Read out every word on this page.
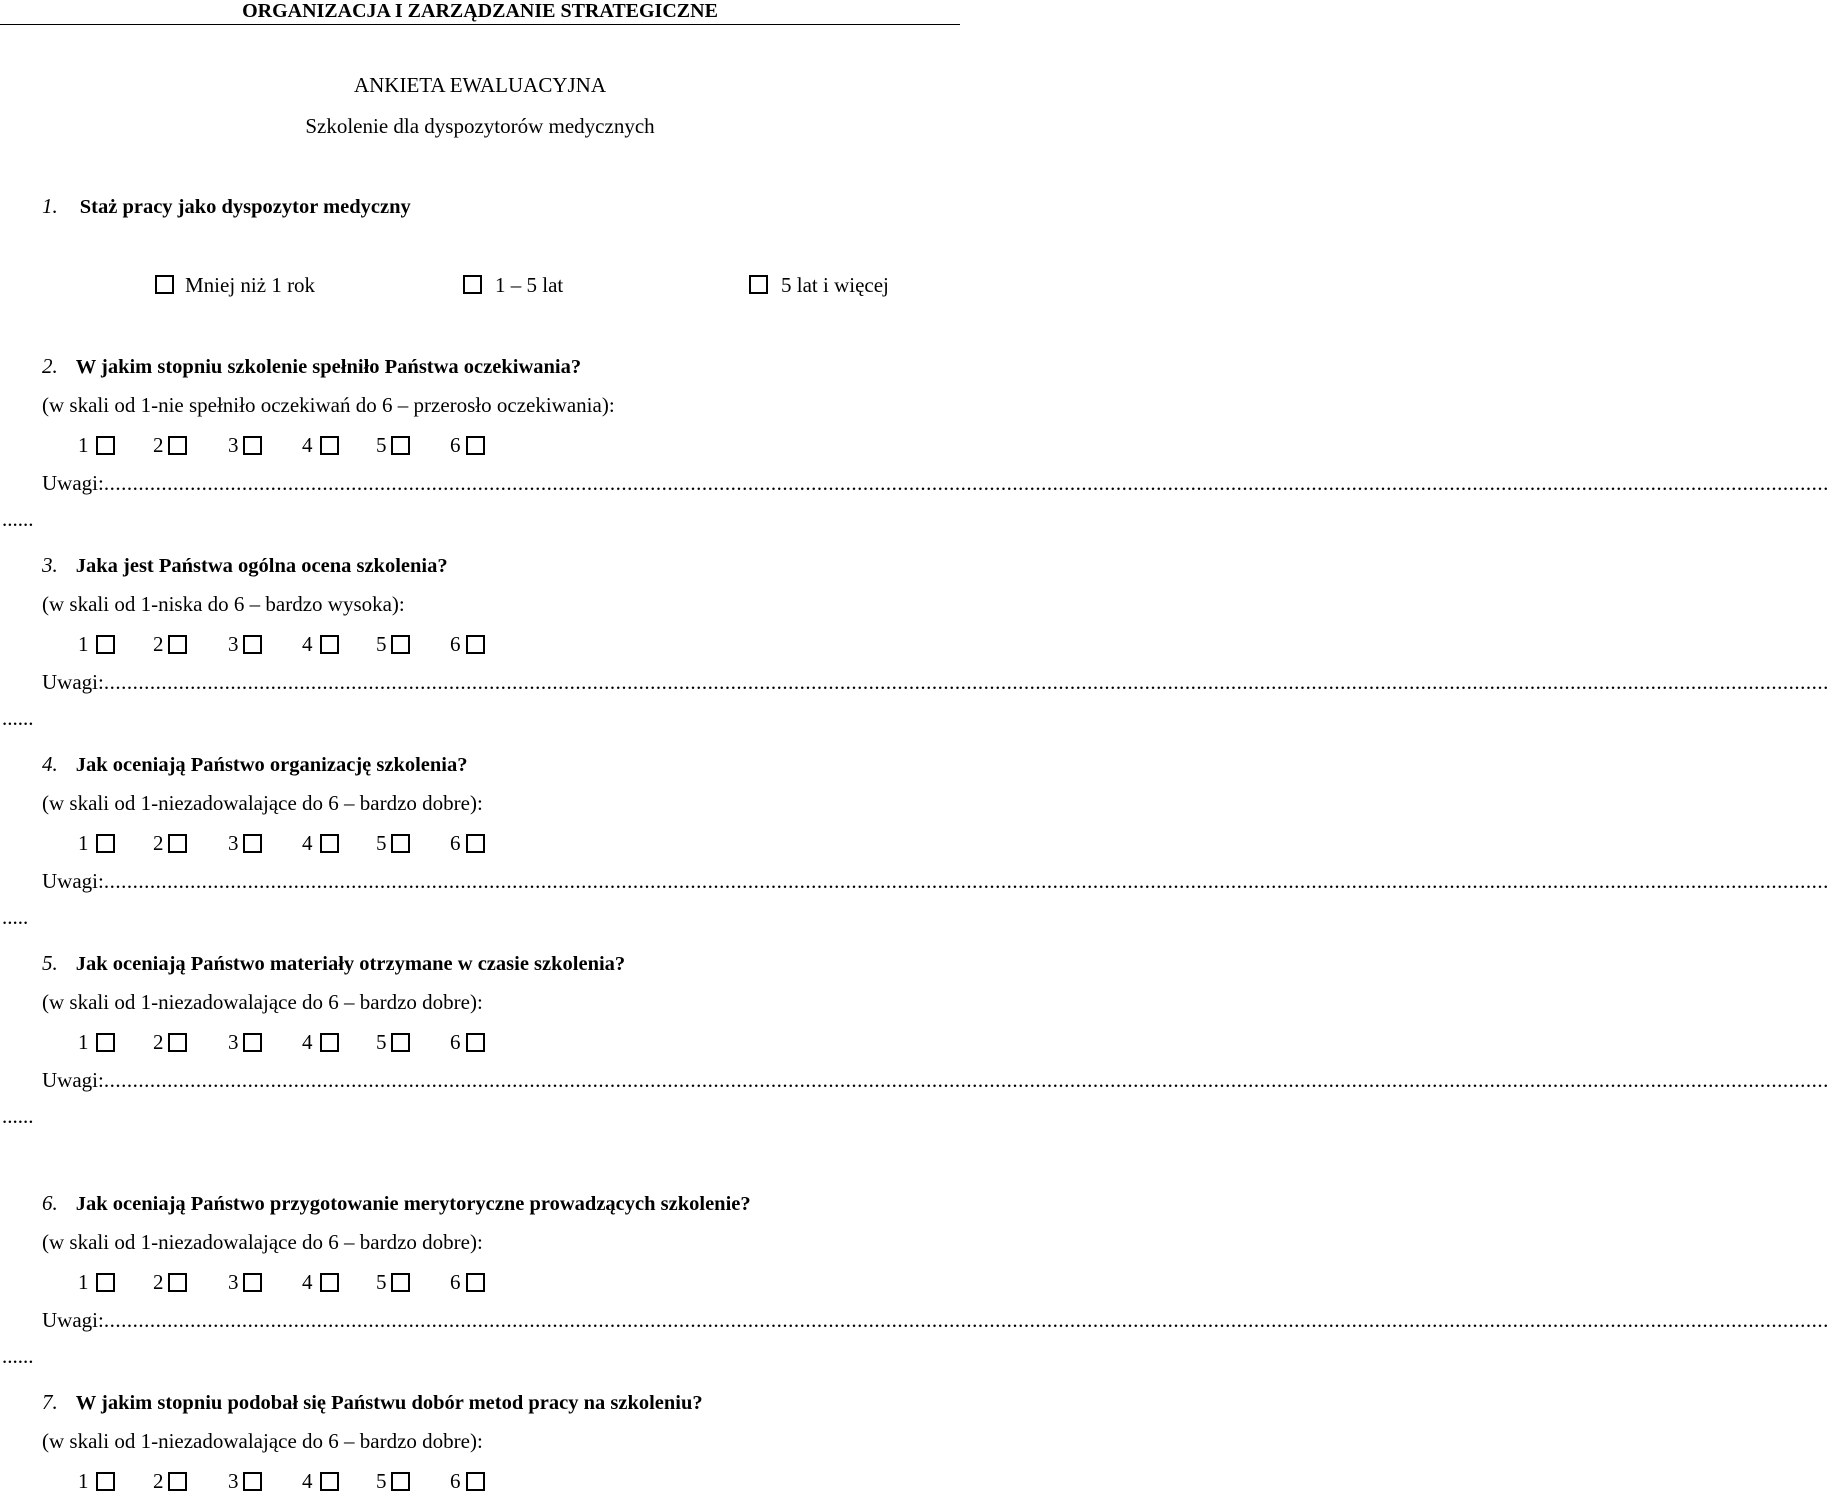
ORGANIZACJA I ZARZĄDZANIE STRATEGICZNE
ANKIETA EWALUACYJNA
Szkolenie dla dyspozytorów medycznych
1. Staż pracy jako dyspozytor medyczny
Mniej niż 1 rok	1 – 5 lat	5 lat i więcej
2. W jakim stopniu szkolenie spełniło Państwa oczekiwania?
(w skali od 1-nie spełniło oczekiwań do 6 – przerosło oczekiwania):
1	2	3	4	5	6
Uwagi:............................................................................................................................................................................................................................................................................................................
......
3. Jaka jest Państwa ogólna ocena szkolenia?
(w skali od 1-niska do 6 – bardzo wysoka):
1	2	3	4	5	6
Uwagi:............................................................................................................................................................................................................................................................................................................
......
4. Jak oceniają Państwo organizację szkolenia?
(w skali od 1-niezadowalające do 6 – bardzo dobre):
1	2	3	4	5	6
Uwagi:............................................................................................................................................................................................................................................................................................................
.....
5. Jak oceniają Państwo materiały otrzymane w czasie szkolenia?
(w skali od 1-niezadowalające do 6 – bardzo dobre):
1	2	3	4	5	6
Uwagi:............................................................................................................................................................................................................................................................................................................
......
6. Jak oceniają Państwo przygotowanie merytoryczne prowadzących szkolenie?
(w skali od 1-niezadowalające do 6 – bardzo dobre):
1	2	3	4	5	6
Uwagi:............................................................................................................................................................................................................................................................................................................
......
7. W jakim stopniu podobał się Państwu dobór metod pracy na szkoleniu?
(w skali od 1-niezadowalające do 6 – bardzo dobre):
1	2	3	4	5	6
